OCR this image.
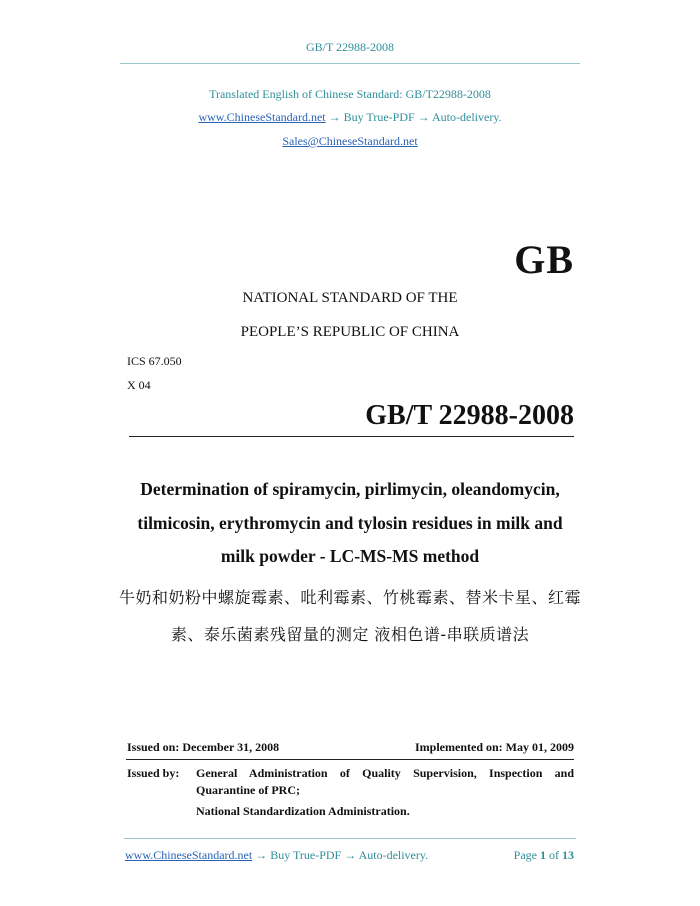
GB/T 22988-2008
Translated English of Chinese Standard: GB/T22988-2008
www.ChineseStandard.net → Buy True-PDF → Auto-delivery.
Sales@ChineseStandard.net
GB
NATIONAL STANDARD OF THE
PEOPLE’S REPUBLIC OF CHINA
ICS 67.050
X 04
GB/T 22988-2008
Determination of spiramycin, pirlimycin, oleandomycin,
tilmicosin, erythromycin and tylosin residues in milk and
milk powder - LC-MS-MS method
牛奶和奶粉中螺旋霉素、吡利霉素、竹桃霉素、替米卡星、红霉
素、泰乐菌素残留量的测定 液相色谱-串联质谱法
Issued on: December 31, 2008	Implemented on: May 01, 2009
Issued by: General Administration of Quality Supervision, Inspection and
Quarantine of PRC;
National Standardization Administration.
www.ChineseStandard.net → Buy True-PDF → Auto-delivery.	Page 1 of 13
